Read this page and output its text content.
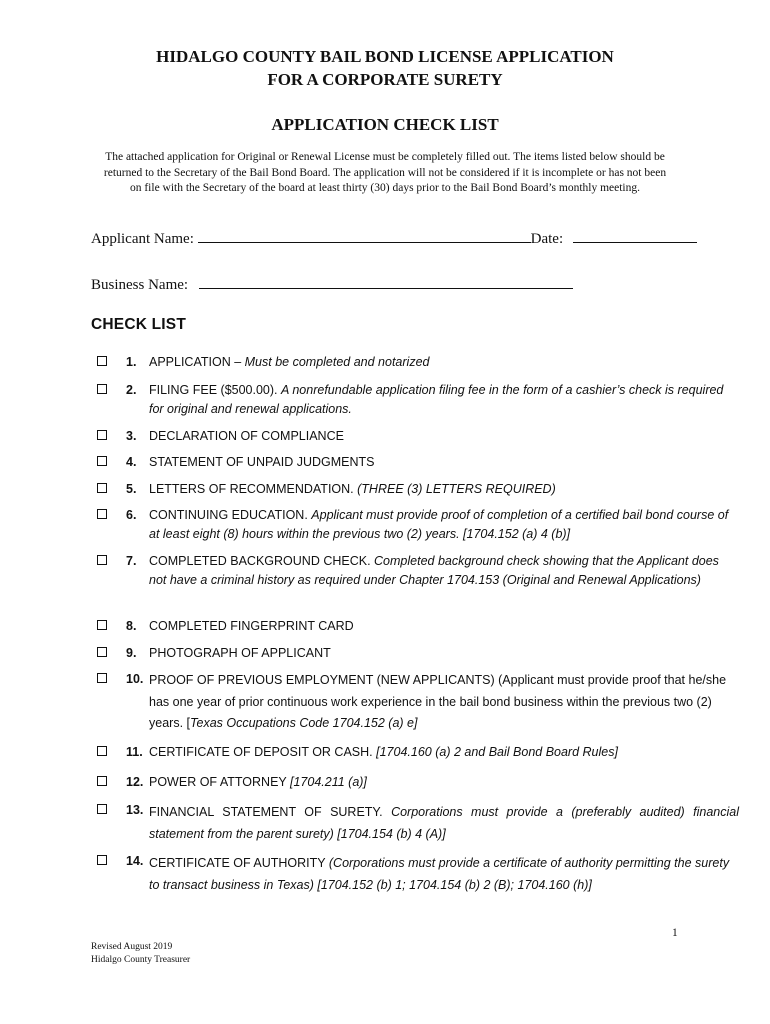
HIDALGO COUNTY BAIL BOND LICENSE APPLICATION
FOR A CORPORATE SURETY
APPLICATION CHECK LIST
The attached application for Original or Renewal License must be completely filled out. The items listed below should be returned to the Secretary of the Bail Bond Board. The application will not be considered if it is incomplete or has not been on file with the Secretary of the board at least thirty (30) days prior to the Bail Bond Board’s monthly meeting.
Applicant Name:	Date:
Business Name:
CHECK LIST
1. APPLICATION – Must be completed and notarized
2. FILING FEE ($500.00). A nonrefundable application filing fee in the form of a cashier’s check is required for original and renewal applications.
3. DECLARATION OF COMPLIANCE
4. STATEMENT OF UNPAID JUDGMENTS
5. LETTERS OF RECOMMENDATION. (THREE (3) LETTERS REQUIRED)
6. CONTINUING EDUCATION. Applicant must provide proof of completion of a certified bail bond course of at least eight (8) hours within the previous two (2) years. [1704.152 (a) 4 (b)]
7. COMPLETED BACKGROUND CHECK. Completed background check showing that the Applicant does not have a criminal history as required under Chapter 1704.153 (Original and Renewal Applications)
8. COMPLETED FINGERPRINT CARD
9. PHOTOGRAPH OF APPLICANT
10. PROOF OF PREVIOUS EMPLOYMENT (NEW APPLICANTS) (Applicant must provide proof that he/she has one year of prior continuous work experience in the bail bond business within the previous two (2) years. [Texas Occupations Code 1704.152 (a) e]
11. CERTIFICATE OF DEPOSIT OR CASH. [1704.160 (a) 2 and Bail Bond Board Rules]
12. POWER OF ATTORNEY [1704.211 (a)]
13. FINANCIAL STATEMENT OF SURETY. Corporations must provide a (preferably audited) financial statement from the parent surety) [1704.154 (b) 4 (A)]
14. CERTIFICATE OF AUTHORITY (Corporations must provide a certificate of authority permitting the surety to transact business in Texas) [1704.152 (b) 1; 1704.154 (b) 2 (B); 1704.160 (h)]
1
Revised August 2019
Hidalgo County Treasurer
